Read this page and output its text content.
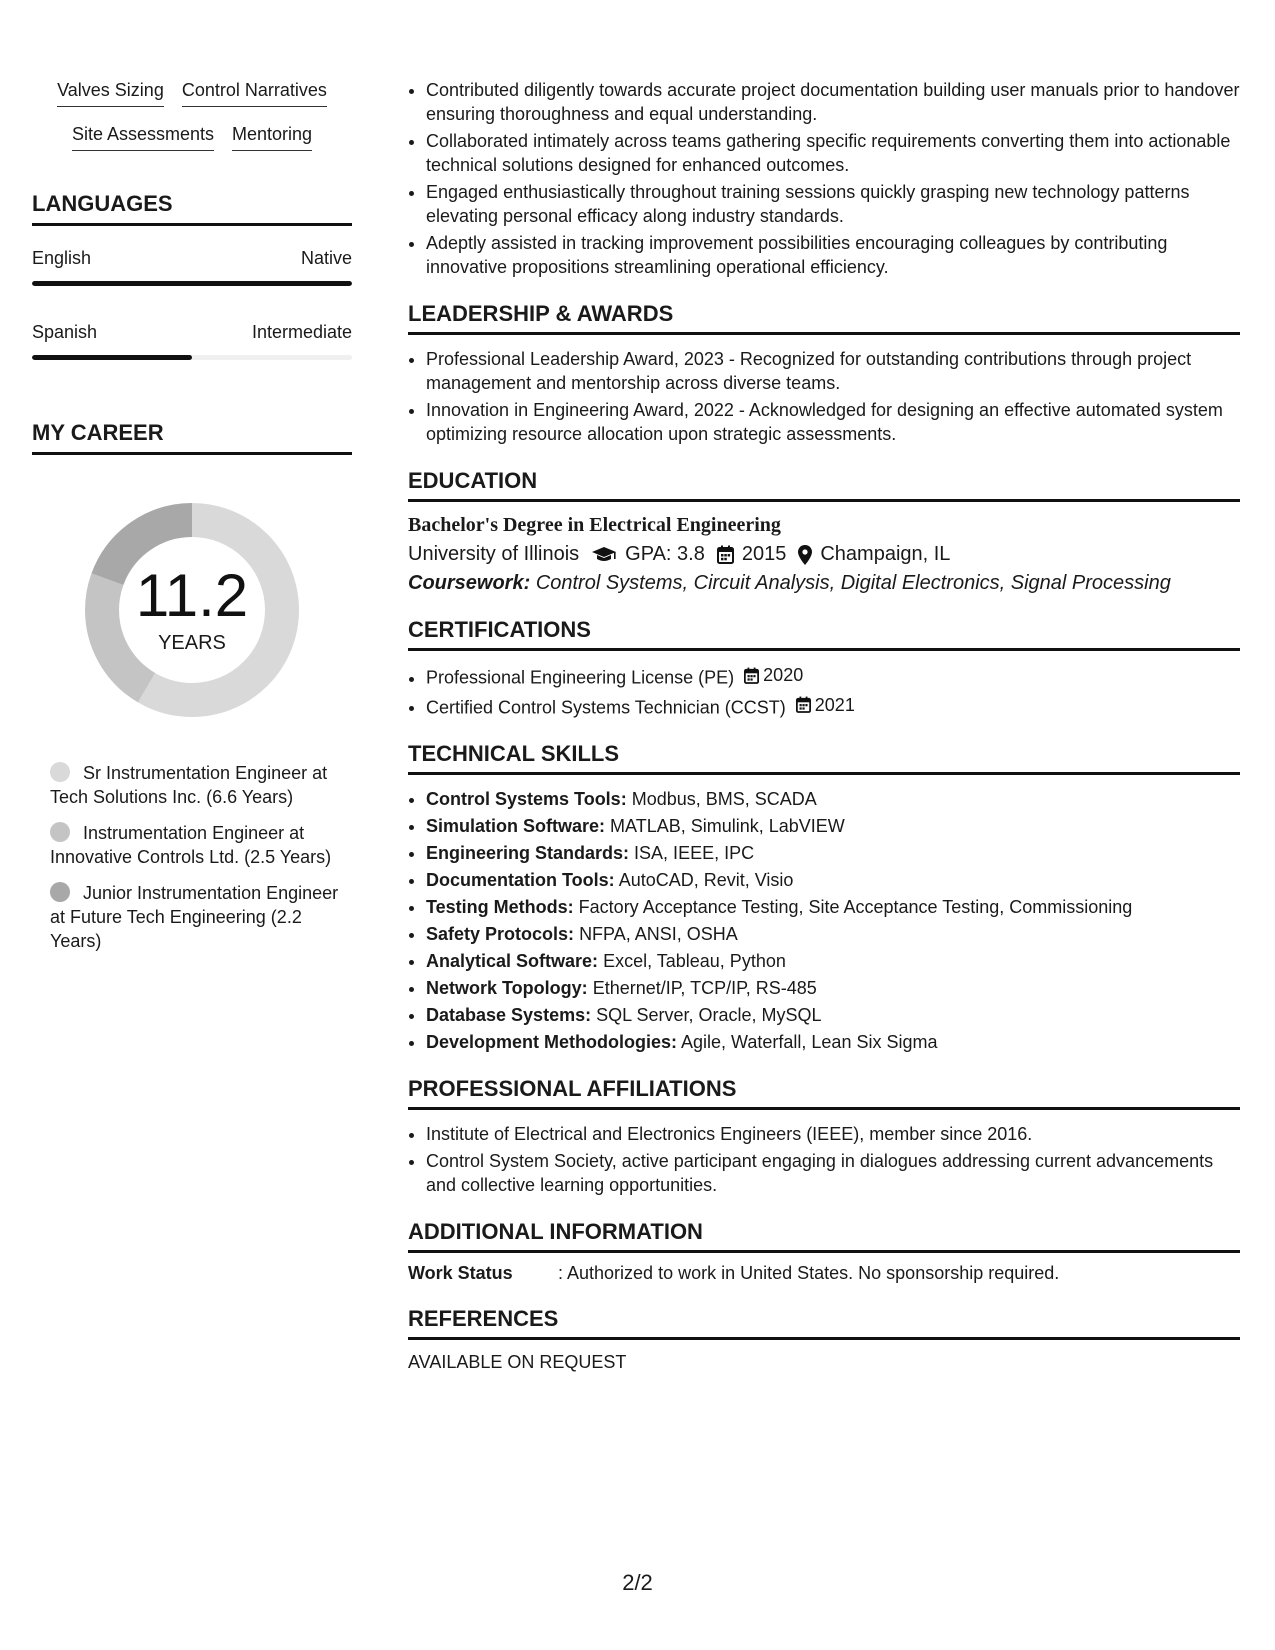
Valves Sizing Control Narratives
Site Assessments Mentoring
LANGUAGES
English	Native
Spanish	Intermediate
MY CAREER
11.2
YEARS
Sr Instrumentation Engineer at Tech Solutions Inc. (6.6 Years)
Instrumentation Engineer at Innovative Controls Ltd. (2.5 Years)
Junior Instrumentation Engineer at Future Tech Engineering (2.2 Years)
• Contributed diligently towards accurate project documentation building user manuals prior to handover ensuring thoroughness and equal understanding.
• Collaborated intimately across teams gathering specific requirements converting them into actionable technical solutions designed for enhanced outcomes.
• Engaged enthusiastically throughout training sessions quickly grasping new technology patterns elevating personal efficacy along industry standards.
• Adeptly assisted in tracking improvement possibilities encouraging colleagues by contributing innovative propositions streamlining operational efficiency.
LEADERSHIP & AWARDS
• Professional Leadership Award, 2023 - Recognized for outstanding contributions through project management and mentorship across diverse teams.
• Innovation in Engineering Award, 2022 - Acknowledged for designing an effective automated system optimizing resource allocation upon strategic assessments.
EDUCATION
Bachelor's Degree in Electrical Engineering
University of Illinois GPA: 3.8 2015 Champaign, IL
Coursework: Control Systems, Circuit Analysis, Digital Electronics, Signal Processing
CERTIFICATIONS
• Professional Engineering License (PE) 2020
• Certified Control Systems Technician (CCST) 2021
TECHNICAL SKILLS
• Control Systems Tools: Modbus, BMS, SCADA
• Simulation Software: MATLAB, Simulink, LabVIEW
• Engineering Standards: ISA, IEEE, IPC
• Documentation Tools: AutoCAD, Revit, Visio
• Testing Methods: Factory Acceptance Testing, Site Acceptance Testing, Commissioning
• Safety Protocols: NFPA, ANSI, OSHA
• Analytical Software: Excel, Tableau, Python
• Network Topology: Ethernet/IP, TCP/IP, RS-485
• Database Systems: SQL Server, Oracle, MySQL
• Development Methodologies: Agile, Waterfall, Lean Six Sigma
PROFESSIONAL AFFILIATIONS
• Institute of Electrical and Electronics Engineers (IEEE), member since 2016.
• Control System Society, active participant engaging in dialogues addressing current advancements and collective learning opportunities.
ADDITIONAL INFORMATION
Work Status	: Authorized to work in United States. No sponsorship required.
REFERENCES
AVAILABLE ON REQUEST
2/2
